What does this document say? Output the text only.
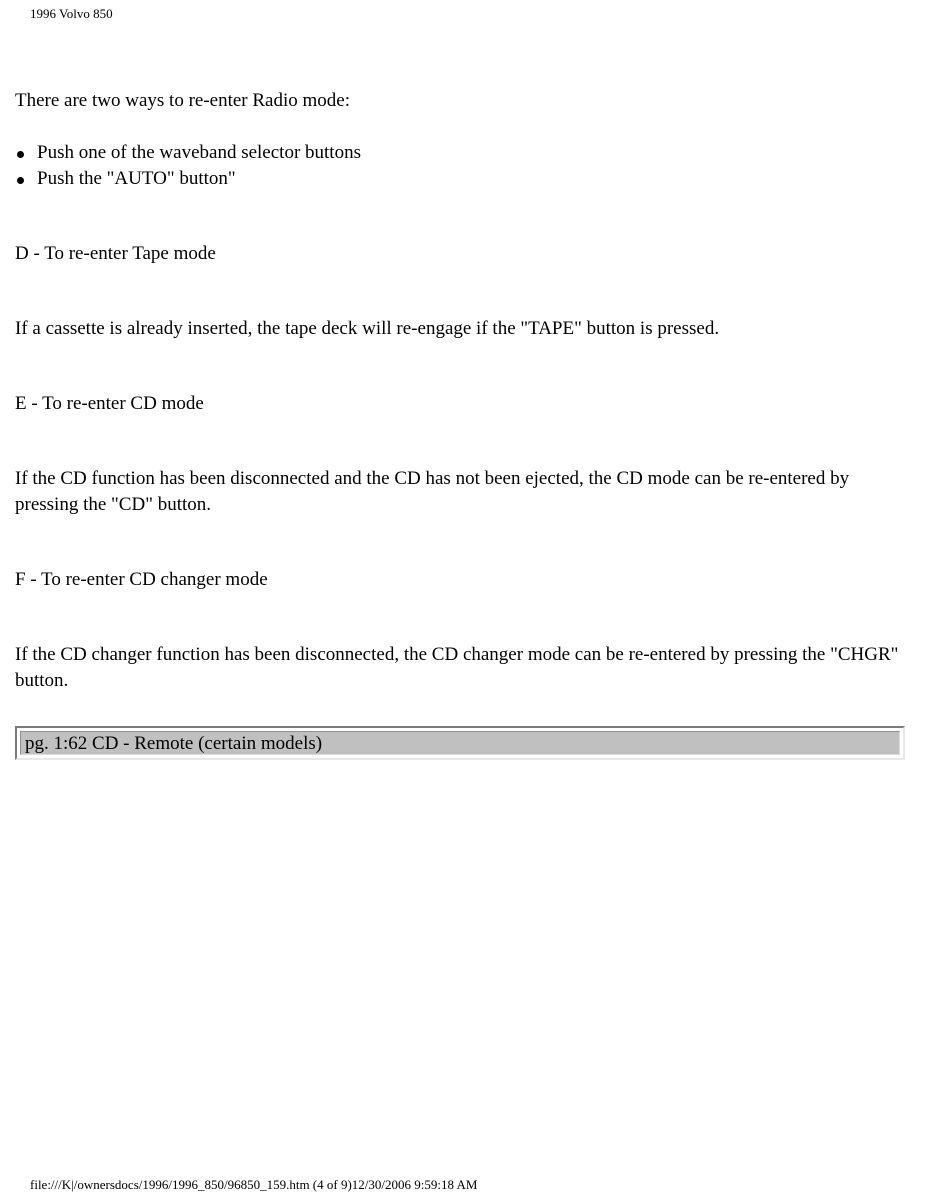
1996 Volvo 850

There are two ways to re-enter Radio mode:

Push one of the waveband selector buttons
Push the "AUTO" button"

D - To re-enter Tape mode

If a cassette is already inserted, the tape deck will re-engage if the "TAPE" button is pressed.

E - To re-enter CD mode

If the CD function has been disconnected and the CD has not been ejected, the CD mode can be re-entered by pressing the "CD" button.

F - To re-enter CD changer mode

If the CD changer function has been disconnected, the CD changer mode can be re-entered by pressing the "CHGR" button.

pg. 1:62 CD - Remote (certain models)
file:///K|/ownersdocs/1996/1996_850/96850_159.htm (4 of 9)12/30/2006 9:59:18 AM
